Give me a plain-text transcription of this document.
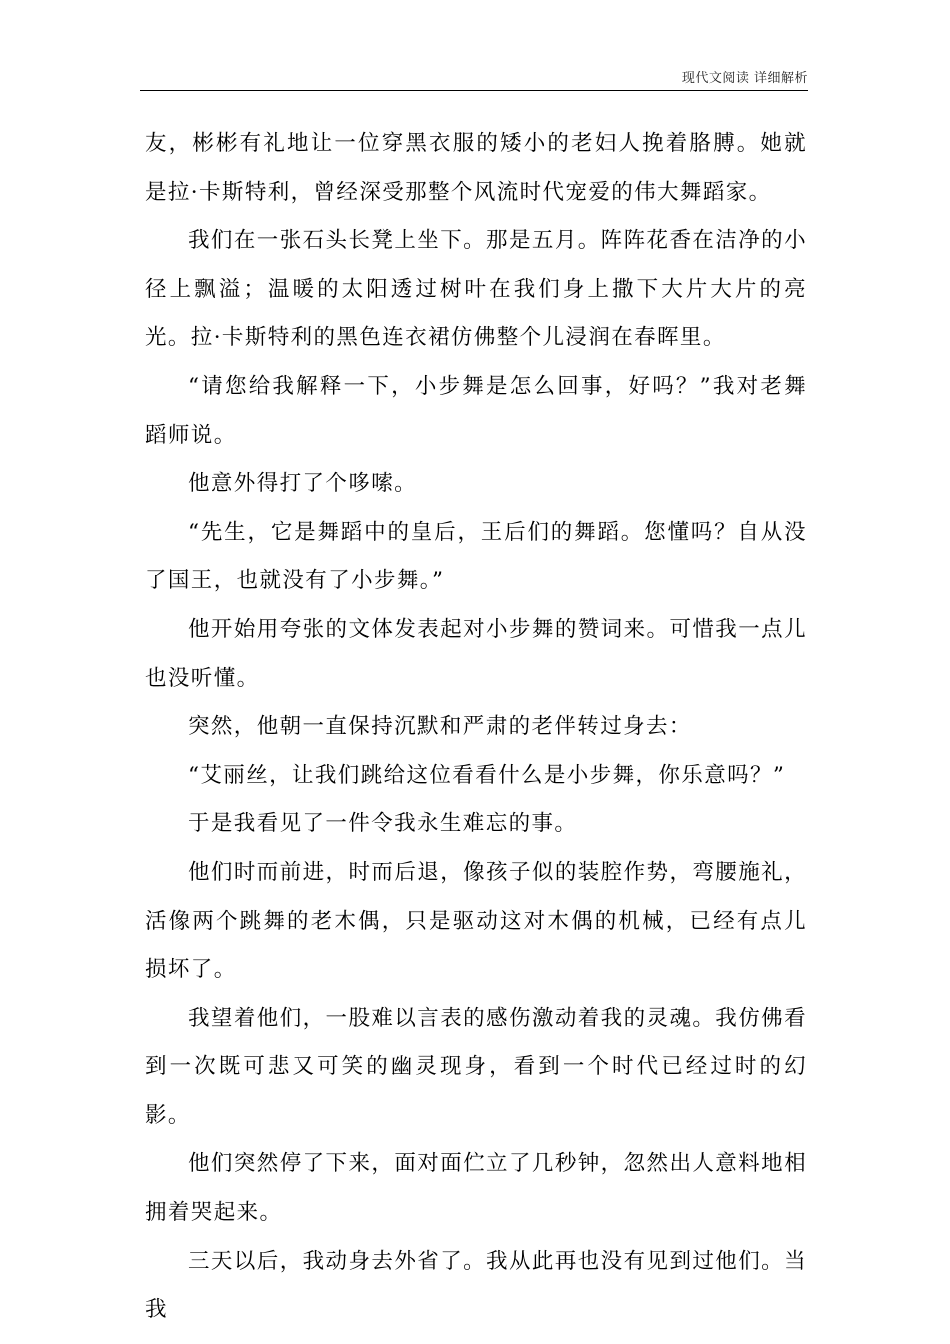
现代文阅读 详细解析

友，彬彬有礼地让一位穿黑衣服的矮小的老妇人挽着胳膊。她就是拉·卡斯特利，曾经深受那整个风流时代宠爱的伟大舞蹈家。

我们在一张石头长凳上坐下。那是五月。阵阵花香在洁净的小径上飘溢；温暖的太阳透过树叶在我们身上撒下大片大片的亮光。拉·卡斯特利的黑色连衣裙仿佛整个儿浸润在春晖里。

“请您给我解释一下，小步舞是怎么回事，好吗？”我对老舞蹈师说。

他意外得打了个哆嗦。

“先生，它是舞蹈中的皇后，王后们的舞蹈。您懂吗？自从没了国王，也就没有了小步舞。”

他开始用夸张的文体发表起对小步舞的赞词来。可惜我一点儿也没听懂。

突然，他朝一直保持沉默和严肃的老伴转过身去：

“艾丽丝，让我们跳给这位看看什么是小步舞，你乐意吗？”

于是我看见了一件令我永生难忘的事。

他们时而前进，时而后退，像孩子似的装腔作势，弯腰施礼，活像两个跳舞的老木偶，只是驱动这对木偶的机械，已经有点儿损坏了。

我望着他们，一股难以言表的感伤激动着我的灵魂。我仿佛看到一次既可悲又可笑的幽灵现身，看到一个时代已经过时的幻影。

他们突然停了下来，面对面伫立了几秒钟，忽然出人意料地相拥着哭起来。

三天以后，我动身去外省了。我从此再也没有见到过他们。当我
